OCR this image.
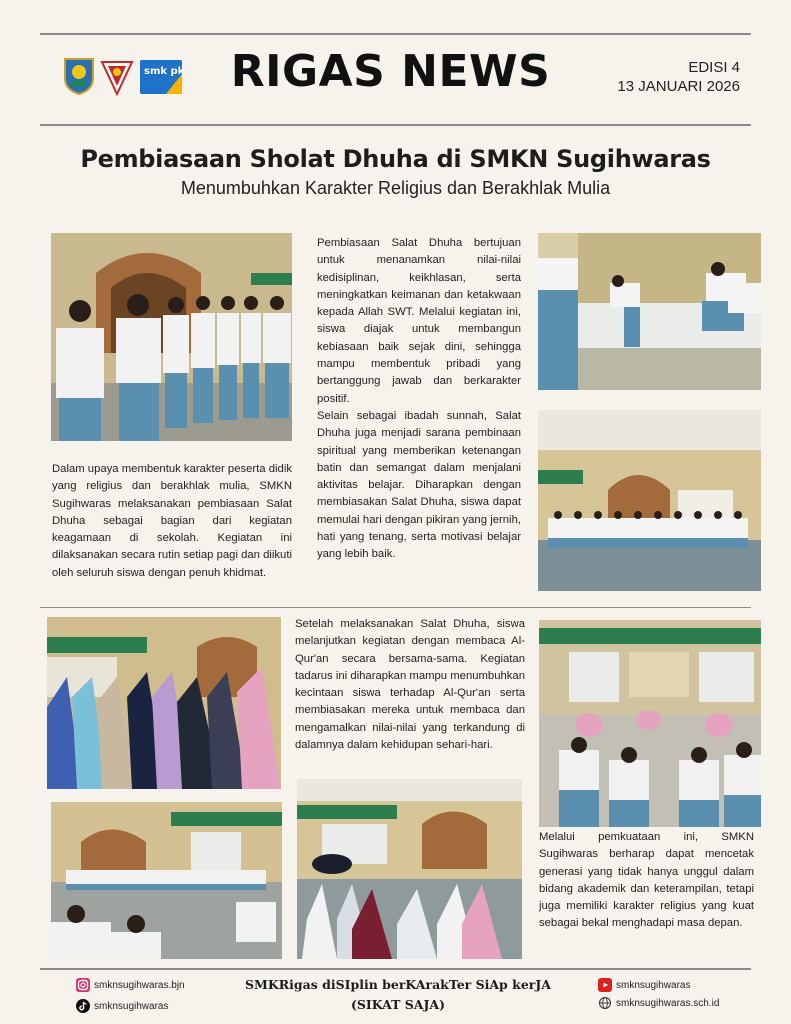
smk pk RIGAS NEWS	EDISI 4
13 JANUARI 2026
Pembiasaan Sholat Dhuha di SMKN Sugihwaras
Menumbuhkan Karakter Religius dan Berakhlak Mulia

Dalam upaya membentuk karakter peserta didik yang religius dan berakhlak mulia, SMKN Sugihwaras melaksanakan pembiasaan Salat Dhuha sebagai bagian dari kegiatan keagamaan di sekolah. Kegiatan ini dilaksanakan secara rutin setiap pagi dan diikuti oleh seluruh siswa dengan penuh khidmat.

Pembiasaan Salat Dhuha bertujuan untuk menanamkan nilai-nilai kedisiplinan, keikhlasan, serta meningkatkan keimanan dan ketakwaan kepada Allah SWT. Melalui kegiatan ini, siswa diajak untuk membangun kebiasaan baik sejak dini, sehingga mampu membentuk pribadi yang bertanggung jawab dan berkarakter positif.

Selain sebagai ibadah sunnah, Salat Dhuha juga menjadi sarana pembinaan spiritual yang memberikan ketenangan batin dan semangat dalam menjalani aktivitas belajar. Diharapkan dengan membiasakan Salat Dhuha, siswa dapat memulai hari dengan pikiran yang jernih, hati yang tenang, serta motivasi belajar yang lebih baik.

Setelah melaksanakan Salat Dhuha, siswa melanjutkan kegiatan dengan membaca Al-Qur'an secara bersama-sama. Kegiatan tadarus ini diharapkan mampu menumbuhkan kecintaan siswa terhadap Al-Qur'an serta membiasakan mereka untuk membaca dan mengamalkan nilai-nilai yang terkandung di dalamnya dalam kehidupan sehari-hari.

Melalui pemkuataan ini, SMKN Sugihwaras berharap dapat mencetak generasi yang tidak hanya unggul dalam bidang akademik dan keterampilan, tetapi juga memiliki karakter religius yang kuat sebagai bekal menghadapi masa depan.

smknsugihwaras.bjn
smknsugihwaras
SMKRigas diSIplin berKArakTer SiAp kerJA
(SIKAT SAJA)
smknsugihwaras
smknsugihwaras.sch.id
